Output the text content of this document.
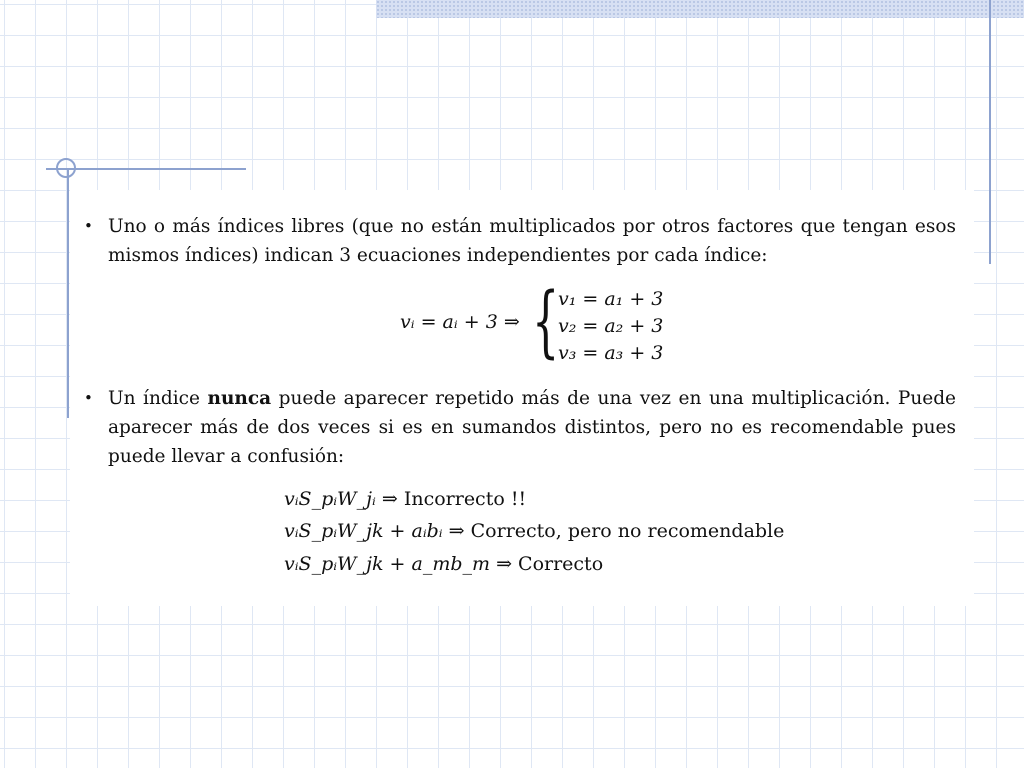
• Uno o más índices libres (que no están multiplicados por otros factores que tengan esos mismos índices) indican 3 ecuaciones independientes por cada índice:
vᵢ = aᵢ + 3 ⇒ {
v₁ = a₁ + 3
v₂ = a₂ + 3
v₃ = a₃ + 3
• Un índice nunca puede aparecer repetido más de una vez en una multiplicación. Puede aparecer más de dos veces si es en sumandos distintos, pero no es recomendable pues puede llevar a confusión:
vᵢS_pᵢW_jᵢ ⇒ Incorrecto !!
vᵢS_pᵢW_jk + aᵢbᵢ ⇒ Correcto, pero no recomendable
vᵢS_pᵢW_jk + a_mb_m ⇒ Correcto
